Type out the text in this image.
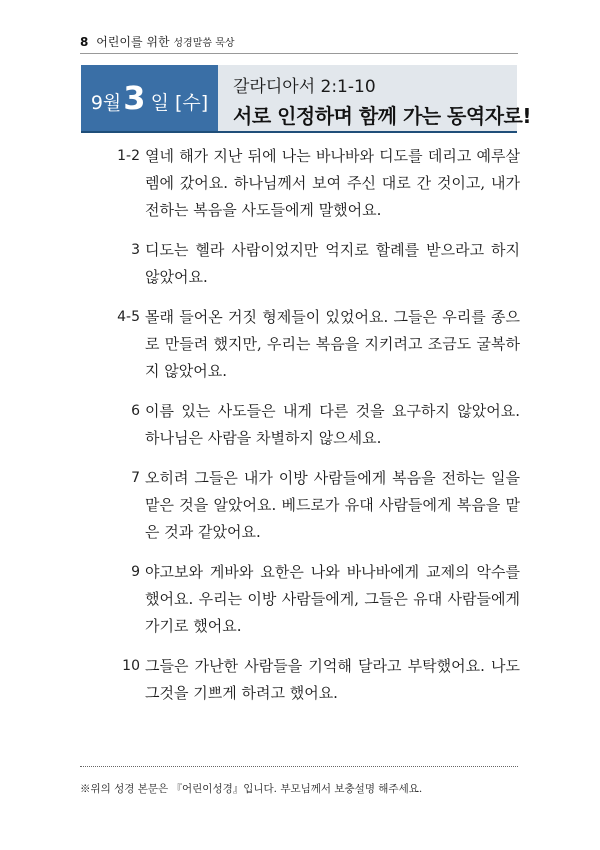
8 어린이를 위한 성경말씀 묵상
9월 3 일 [수]
갈라디아서 2:1-10
서로 인정하며 함께 가는 동역자로!
1-2 열네 해가 지난 뒤에 나는 바나바와 디도를 데리고 예루살렘에 갔어요. 하나님께서 보여 주신 대로 간 것이고, 내가 전하는 복음을 사도들에게 말했어요.
3 디도는 헬라 사람이었지만 억지로 할례를 받으라고 하지 않았어요.
4-5 몰래 들어온 거짓 형제들이 있었어요. 그들은 우리를 종으로 만들려 했지만, 우리는 복음을 지키려고 조금도 굴복하지 않았어요.
6 이름 있는 사도들은 내게 다른 것을 요구하지 않았어요. 하나님은 사람을 차별하지 않으세요.
7 오히려 그들은 내가 이방 사람들에게 복음을 전하는 일을 맡은 것을 알았어요. 베드로가 유대 사람들에게 복음을 맡은 것과 같았어요.
9 야고보와 게바와 요한은 나와 바나바에게 교제의 악수를 했어요. 우리는 이방 사람들에게, 그들은 유대 사람들에게 가기로 했어요.
10 그들은 가난한 사람들을 기억해 달라고 부탁했어요. 나도 그것을 기쁘게 하려고 했어요.
※위의 성경 본문은 『어린이성경』입니다. 부모님께서 보충설명 해주세요.
